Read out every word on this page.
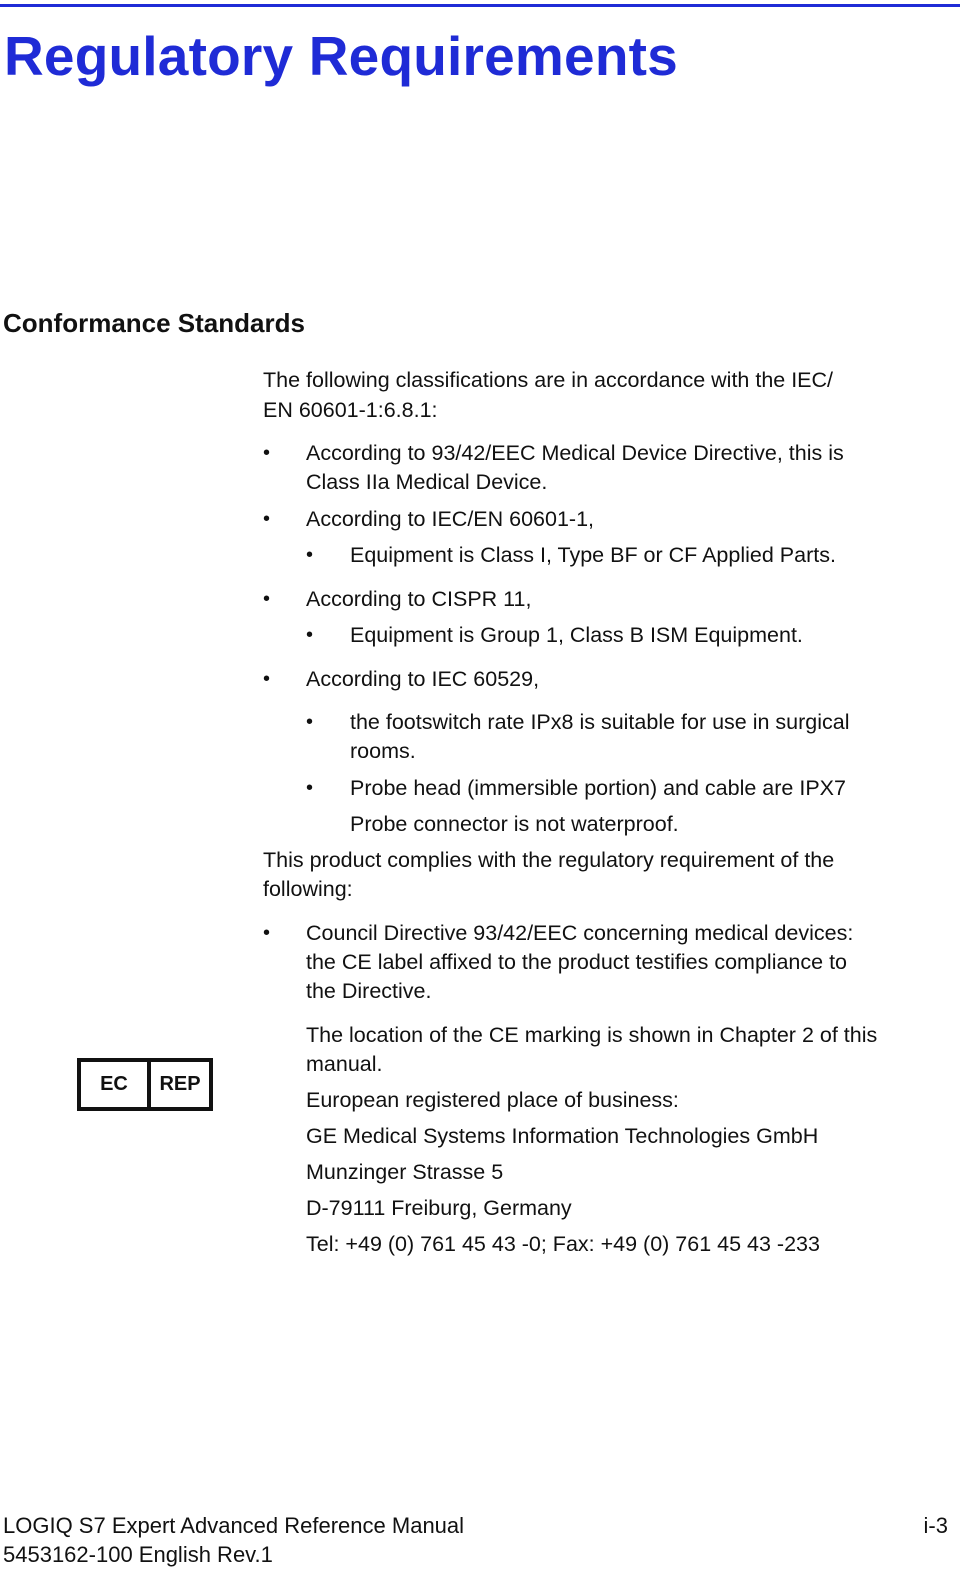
Regulatory Requirements
Conformance Standards

The following classifications are in accordance with the IEC/

EN 60601-1:6.8.1:

• According to 93/42/EEC Medical Device Directive, this is

Class IIa Medical Device.

• According to IEC/EN 60601-1,

• Equipment is Class I, Type BF or CF Applied Parts.

• According to CISPR 11,

• Equipment is Group 1, Class B ISM Equipment.

• According to IEC 60529,

• the footswitch rate IPx8 is suitable for use in surgical

rooms.

• Probe head (immersible portion) and cable are IPX7

Probe connector is not waterproof.

This product complies with the regulatory requirement of the

following:

• Council Directive 93/42/EEC concerning medical devices:

the CE label affixed to the product testifies compliance to

the Directive.

The location of the CE marking is shown in Chapter 2 of this

manual.

European registered place of business:

GE Medical Systems Information Technologies GmbH

Munzinger Strasse 5

D-79111 Freiburg, Germany

Tel: +49 (0) 761 45 43 -0; Fax: +49 (0) 761 45 43 -233

EC	REP

LOGIQ S7 Expert Advanced Reference Manual

5453162-100 English Rev.1

i-3
